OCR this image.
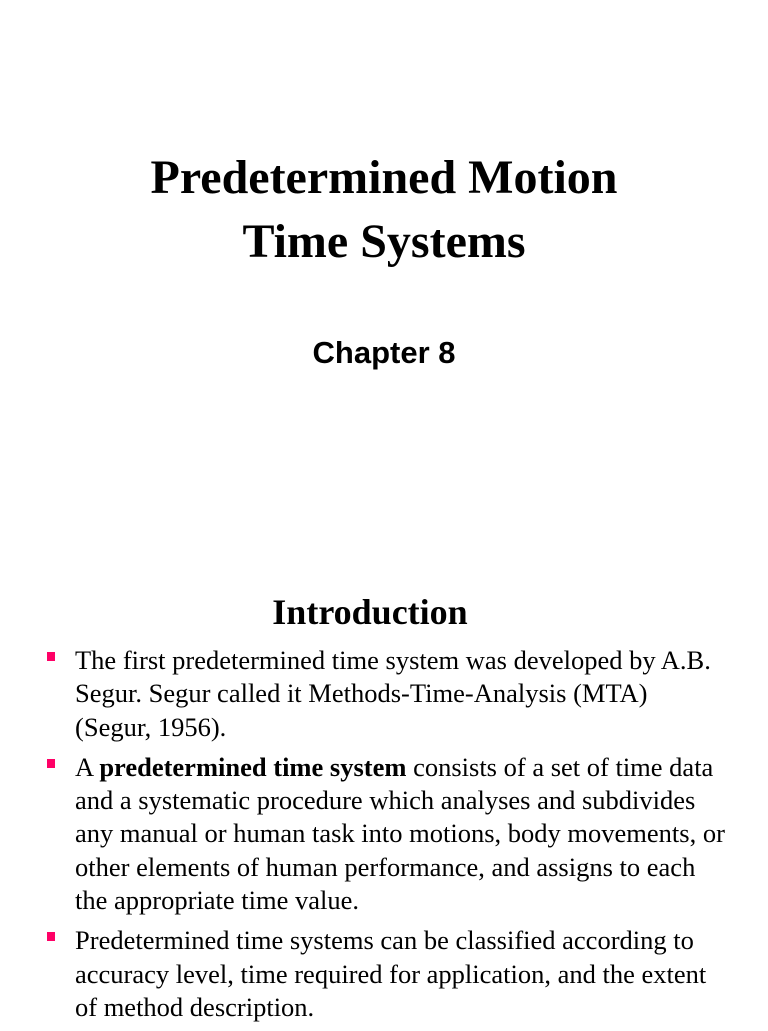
Predetermined Motion
Time Systems
Chapter 8
Introduction
The first predetermined time system was developed by A.B. Segur. Segur called it Methods-Time-Analysis (MTA) (Segur, 1956).
A predetermined time system consists of a set of time data and a systematic procedure which analyses and subdivides any manual or human task into motions, body movements, or other elements of human performance, and assigns to each the appropriate time value.
Predetermined time systems can be classified according to accuracy level, time required for application, and the extent of method description.
